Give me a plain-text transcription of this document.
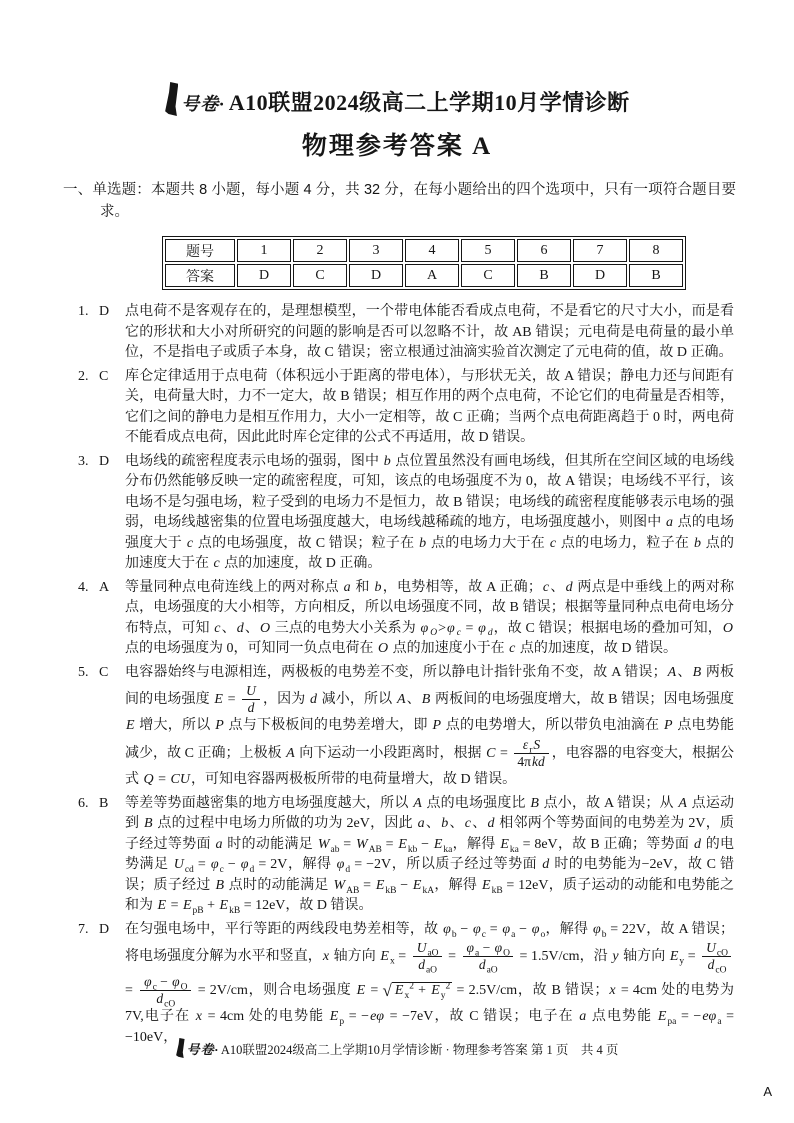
号卷· A10联盟2024级高二上学期10月学情诊断
物理参考答案 A

一、单选题：本题共 8 小题，每小题 4 分，共 32 分，在每小题给出的四个选项中，只有一项符合题目要求。

题号	1	2	3	4	5	6	7	8
答案	D	C	D	A	C	B	D	B
1. D	点电荷不是客观存在的，是理想模型，一个带电体能否看成点电荷，不是看它的尺寸大小，而是看它的形状和大小对所研究的问题的影响是否可以忽略不计，故 AB 错误；元电荷是电荷量的最小单位，不是指电子或质子本身，故 C 错误；密立根通过油滴实验首次测定了元电荷的值，故 D 正确。
2. C	库仑定律适用于点电荷（体积远小于距离的带电体），与形状无关，故 A 错误；静电力还与间距有关，电荷量大时，力不一定大，故 B 错误；相互作用的两个点电荷，不论它们的电荷量是否相等，它们之间的静电力是相互作用力，大小一定相等，故 C 正确；当两个点电荷距离趋于 0 时，两电荷不能看成点电荷，因此此时库仑定律的公式不再适用，故 D 错误。
3. D	电场线的疏密程度表示电场的强弱，图中 b 点位置虽然没有画电场线，但其所在空间区域的电场线分布仍然能够反映一定的疏密程度，可知，该点的电场强度不为 0，故 A 错误；电场线不平行，该电场不是匀强电场，粒子受到的电场力不是恒力，故 B 错误；电场线的疏密程度能够表示电场的强弱，电场线越密集的位置电场强度越大，电场线越稀疏的地方，电场强度越小，则图中 a 点的电场强度大于 c 点的电场强度，故 C 错误；粒子在 b 点的电场力大于在 c 点的电场力，粒子在 b 点的加速度大于在 c 点的加速度，故 D 正确。
4. A	等量同种点电荷连线上的两对称点 a 和 b，电势相等，故 A 正确；c、d 两点是中垂线上的两对称点，电场强度的大小相等，方向相反，所以电场强度不同，故 B 错误；根据等量同种点电荷电场分布特点，可知 c、d、O 三点的电势大小关系为 φ $_O$>φ $_c$ = φ $_d$，故 C 错误；根据电场的叠加可知，O 点的电场强度为 0，可知同一负点电荷在 O 点的加速度小于在 c 点的加速度，故 D 错误。
5. C	电容器始终与电源相连，两极板的电势差不变，所以静电计指针张角不变，故 A 错误；A、B 两板间的电场强度 $E = \frac{U}{d}$ ，因为 d 减小，所以 A、B 两板间的电场强度增大，故 B 错误；因电场强度 E 增大，所以 P 点与下极板间的电势差增大，即 P 点的电势增大，所以带负电油滴在 P 点电势能减少，故 C 正确；上极板 A 向下运动一小段距离时，根据 C =
$\varepsilon_rS$
4πkd
，电容器的电容变大，根据公式 Q = CU，可知电容器两极板所带的电荷量增大，故 D 错误。
6. B	等差等势面越密集的地方电场强度越大，所以 A 点的电场强度比 B 点小，故 A 错误；从 A 点运动到 B 点的过程中电场力所做的功为 2eV，因此 a、b、c、d 相邻两个等势面间的电势差为 2V，质子经过等势面 a 时的动能满足 $W_{ab} = W_{AB} = E_{kb} - E_{ka}$，解得 $E_{ka} = 8eV$，故 B 正确；等势面 d 的电势满足 $U_{cd} = \varphi_c - \varphi_d = 2V$，解得 $\varphi_d = -2V$，所以质子经过等势面 d 时的电势能为−2eV，故 C 错误；质子经过 B 点时的动能满足 $W_{AB} = E_{kB} - E_{kA}$，解得 $E_{kB} = 12eV$，质子运动的动能和电势能之和为 $E = E_{pB} + E_{kB} = 12eV$，故 D 错误。
7. D	在匀强电场中，平行等距的两线段电势差相等，故 $\varphi_b - \varphi_c = \varphi_a - \varphi_o$，解得 $\varphi_b = 22V$，故 A 错误；将电场强度分解为水平和竖直，x 轴方向 $E_x$ =
$U_{aO}$
$d_{aO}$
=
$\varphi_a - \varphi_O$
$d_{aO}$
= 1.5V/cm，沿 y 轴方向 $E_y$ =
$U_{cO}$
$d_{cO}$
=
$\varphi_c - \varphi_O$
$d_{cO}$
= 2V/cm，则合电场强度 E = √ $E_x^2 + E_y^2 = 2.5V/cm$，故 B 错误；x = 4cm 处的电势为 7V,电子在 x = 4cm 处的电势能 $E_p = -e\varphi = -7eV$，故 C 错误；电子在 a 点电势能 $E_{pa} = -e\varphi_a = -10eV$，
号卷· A10联盟2024级高二上学期10月学情诊断 · 物理参考答案 第 1 页　共 4 页
A
